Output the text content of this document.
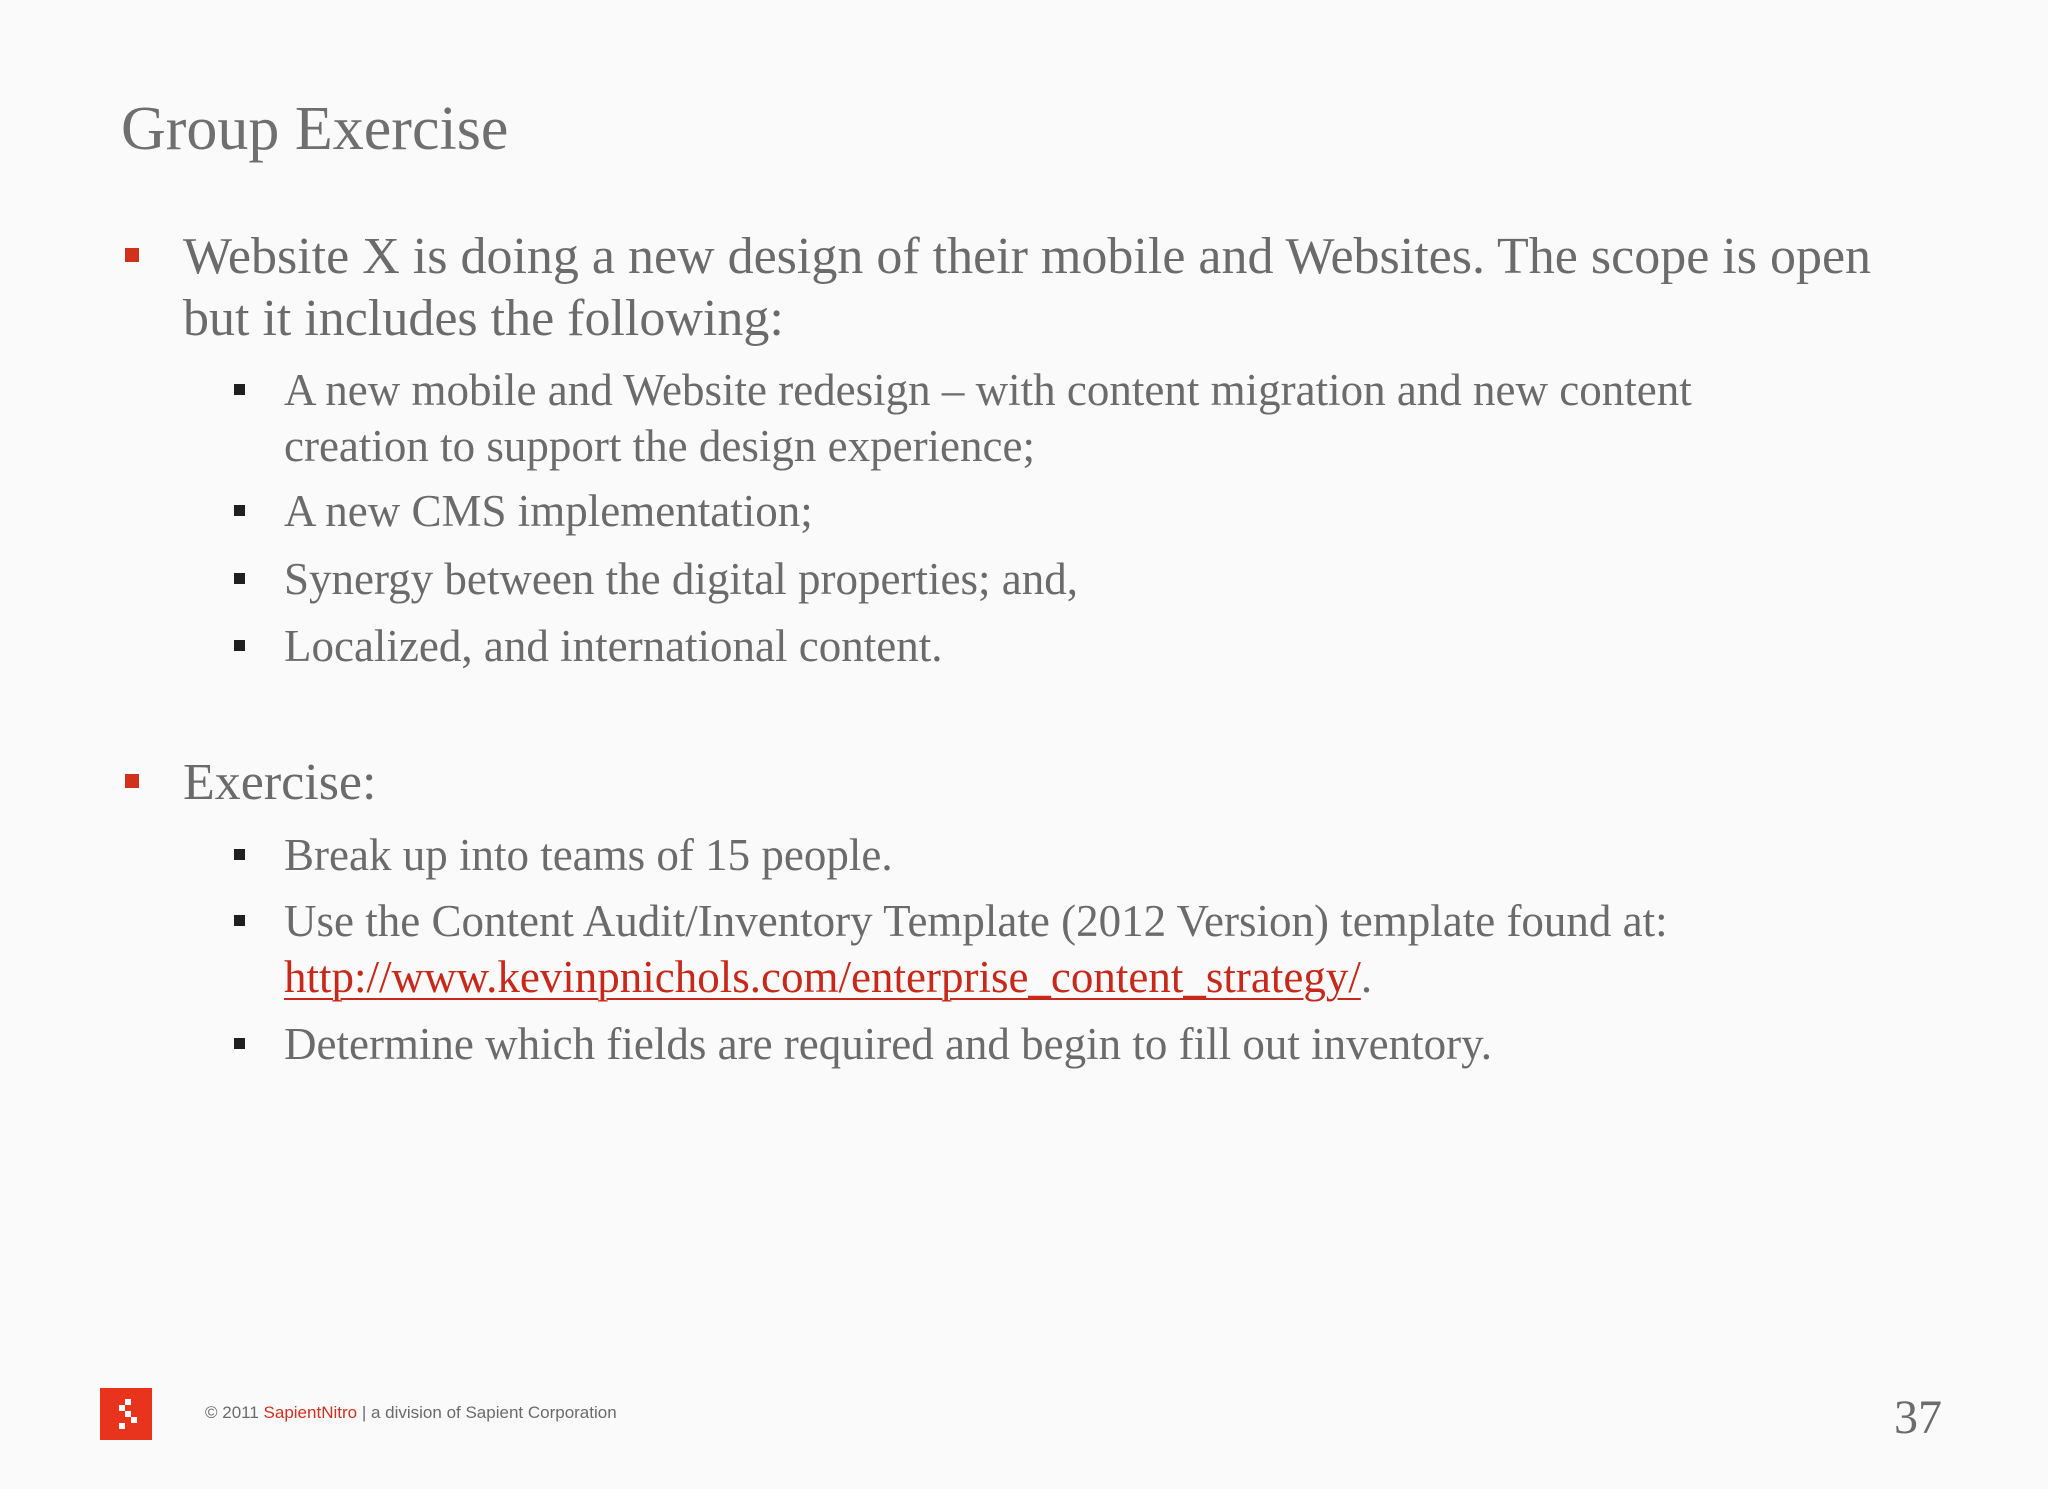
Group Exercise
Website X is doing a new design of their mobile and Websites. The scope is open but it includes the following:
A new mobile and Website redesign – with content migration and new content creation to support the design experience;
A new CMS implementation;
Synergy between the digital properties; and,
Localized, and international content.
Exercise:
Break up into teams of 15 people.
Use the Content Audit/Inventory Template (2012 Version) template found at:
http://www.kevinpnichols.com/enterprise_content_strategy/.
Determine which fields are required and begin to fill out inventory.
© 2011 SapientNitro | a division of Sapient Corporation	37
